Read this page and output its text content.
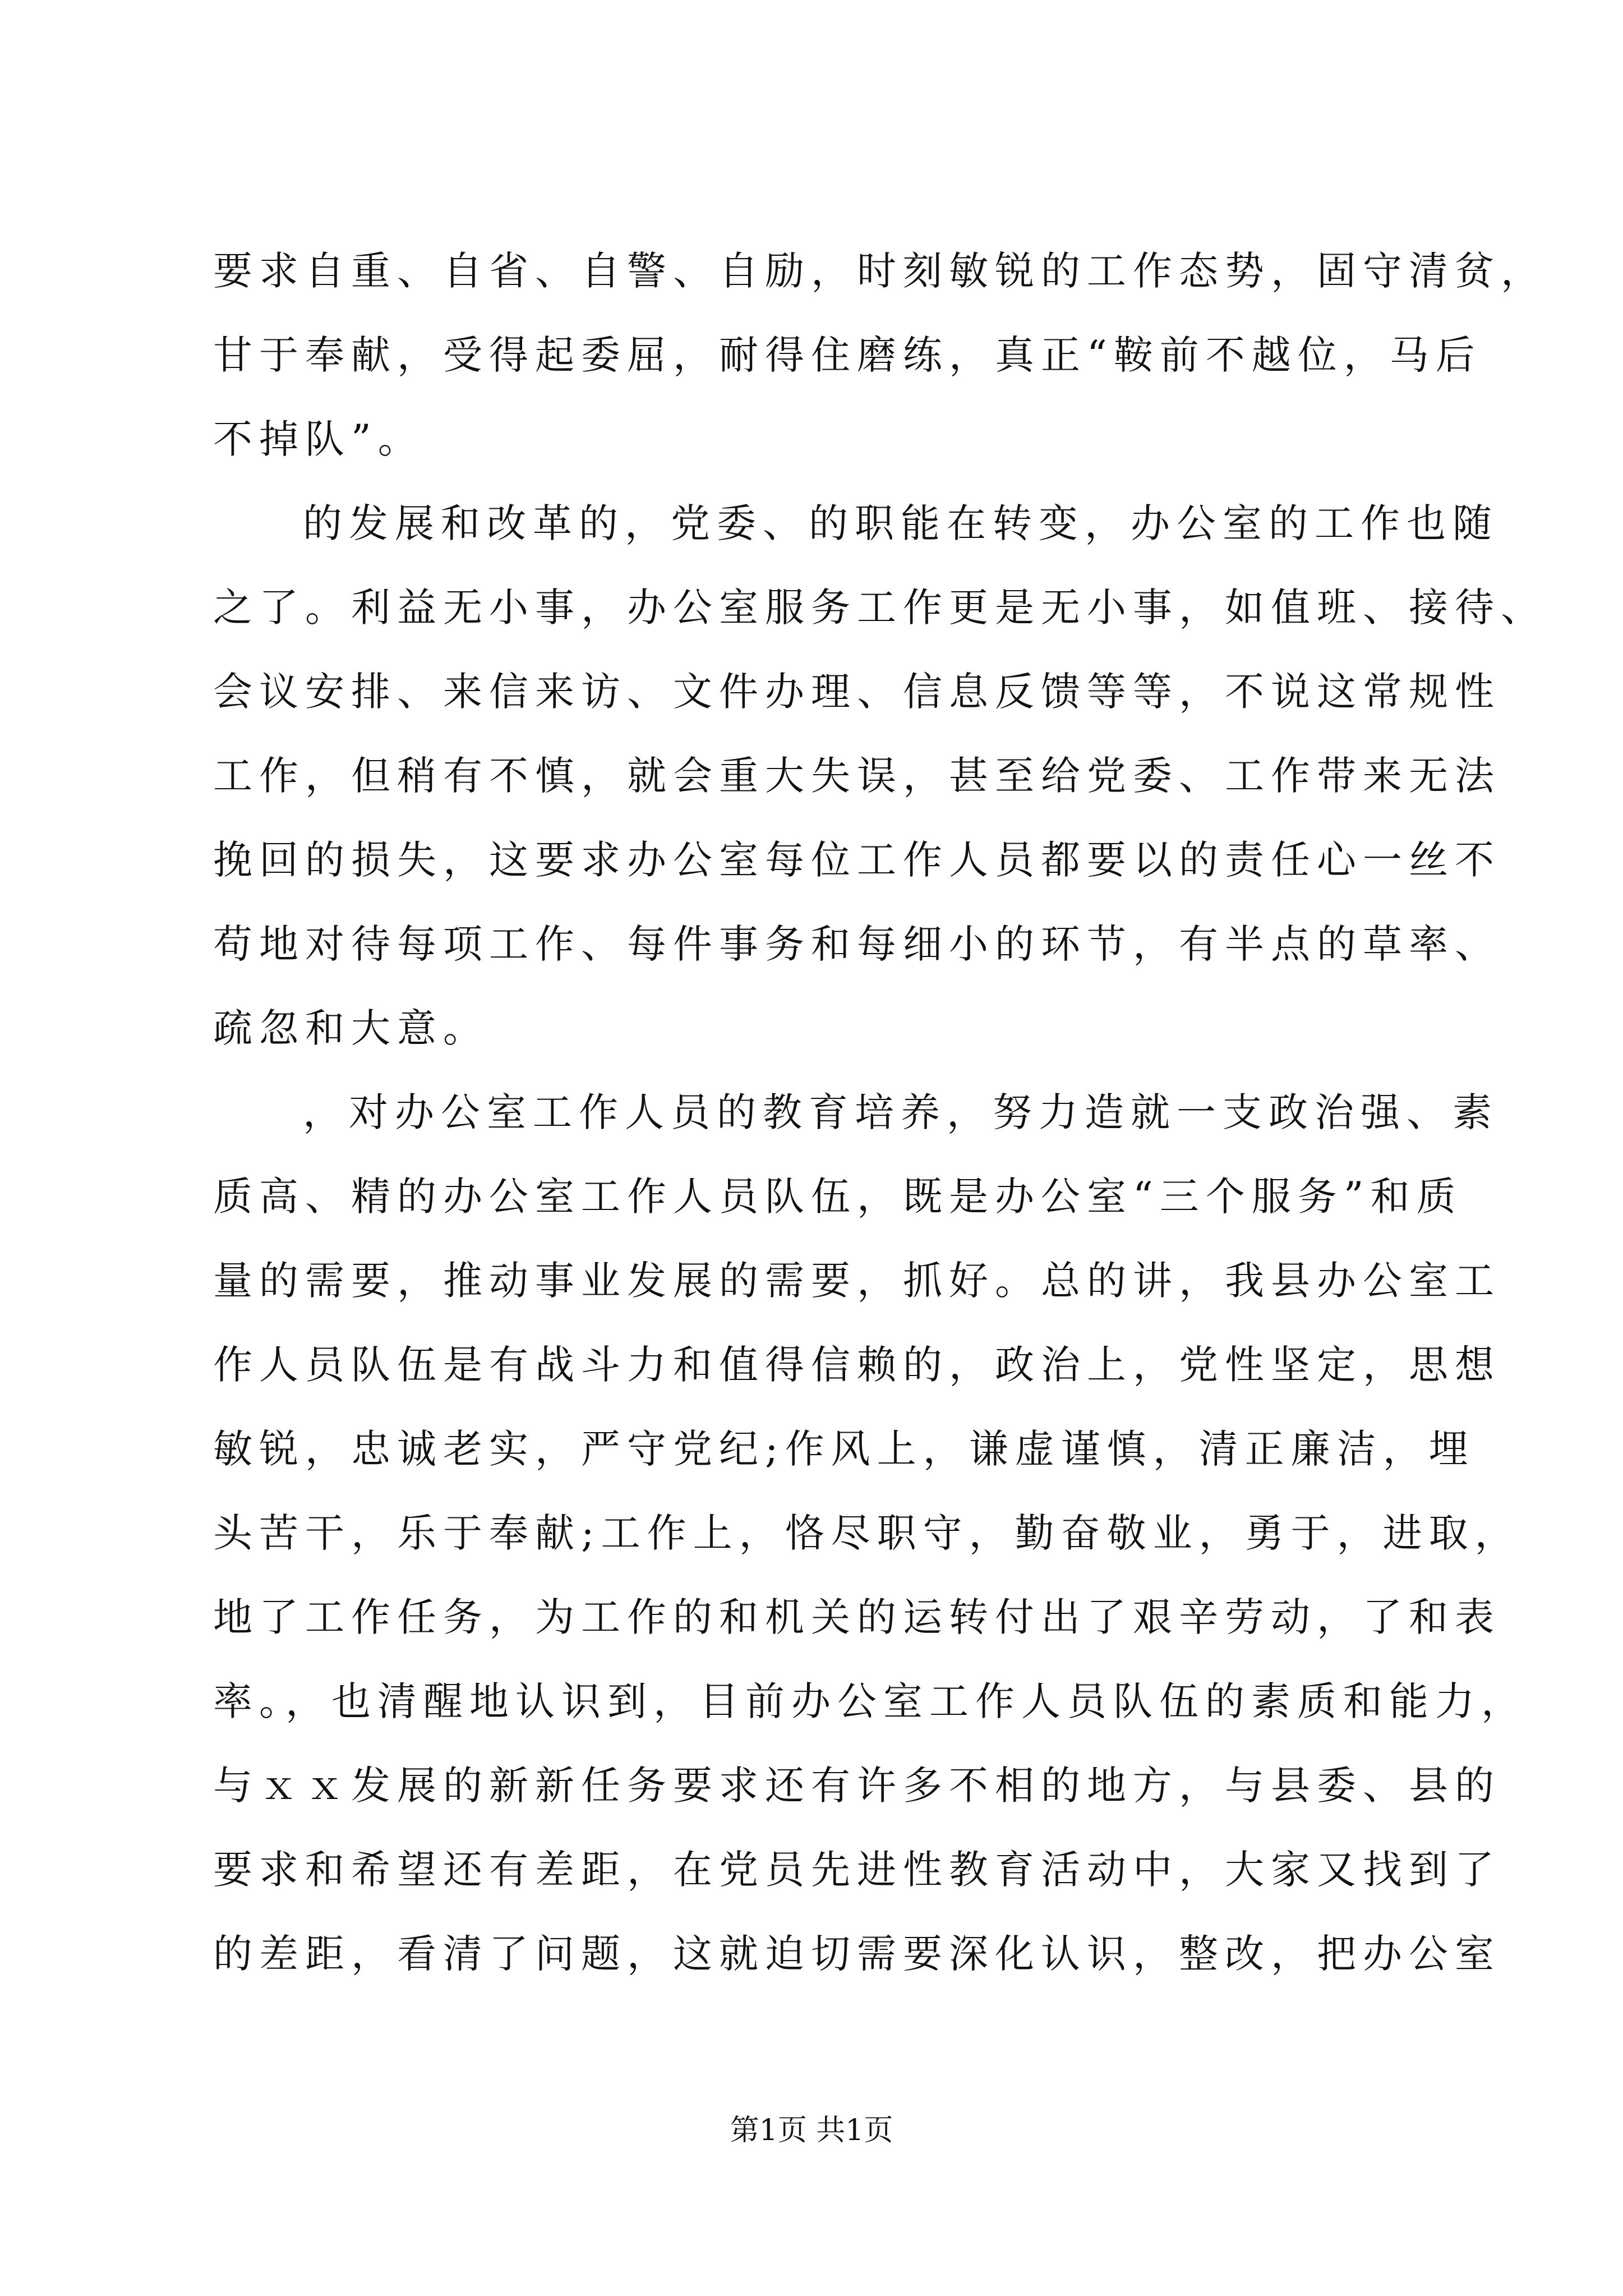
要求自重、自省、自警、自励，时刻敏锐的工作态势，固守清贫，
甘于奉献，受得起委屈，耐得住磨练，真正“鞍前不越位，马后
不掉队”。
的发展和改革的，党委、的职能在转变，办公室的工作也随
之了。利益无小事，办公室服务工作更是无小事，如值班、接待、
会议安排、来信来访、文件办理、信息反馈等等，不说这常规性
工作，但稍有不慎，就会重大失误，甚至给党委、工作带来无法
挽回的损失，这要求办公室每位工作人员都要以的责任心一丝不
苟地对待每项工作、每件事务和每细小的环节，有半点的草率、
疏忽和大意。
，对办公室工作人员的教育培养，努力造就一支政治强、素
质高、精的办公室工作人员队伍，既是办公室“三个服务”和质
量的需要，推动事业发展的需要，抓好。总的讲，我县办公室工
作人员队伍是有战斗力和值得信赖的，政治上，党性坚定，思想
敏锐，忠诚老实，严守党纪;作风上，谦虚谨慎，清正廉洁，埋
头苦干，乐于奉献;工作上，恪尽职守，勤奋敬业，勇于，进取，
地了工作任务，为工作的和机关的运转付出了艰辛劳动，了和表
率。，也清醒地认识到，目前办公室工作人员队伍的素质和能力，
与ｘｘ发展的新新任务要求还有许多不相的地方，与县委、县的
要求和希望还有差距，在党员先进性教育活动中，大家又找到了
的差距，看清了问题，这就迫切需要深化认识，整改，把办公室
第1页 共1页
